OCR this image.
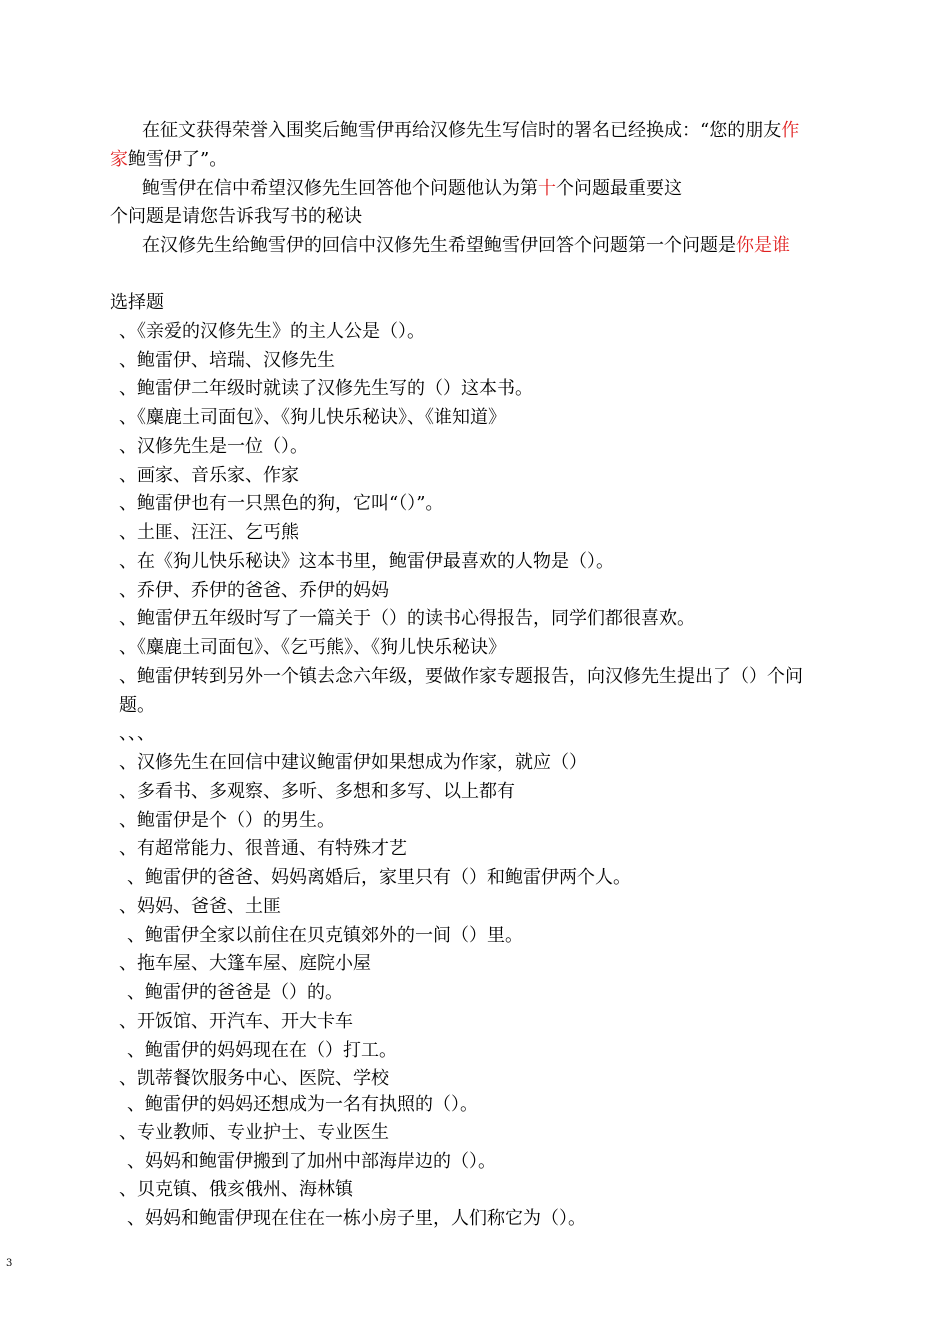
在征文获得荣誉入围奖后鲍雪伊再给汉修先生写信时的署名已经换成：“您的朋友作

家鲍雪伊了”。

鲍雪伊在信中希望汉修先生回答他个问题他认为第十个问题最重要这

个问题是请您告诉我写书的秘诀

在汉修先生给鲍雪伊的回信中汉修先生希望鲍雪伊回答个问题第一个问题是你是谁

选择题

、《亲爱的汉修先生》的主人公是（）。

、鲍雷伊、培瑞、汉修先生

、鲍雷伊二年级时就读了汉修先生写的（）这本书。

、《麋鹿土司面包》、《狗儿快乐秘诀》、《谁知道》

、汉修先生是一位（）。

、画家、音乐家、作家

、鲍雷伊也有一只黑色的狗，它叫“（）”。

、土匪、汪汪、乞丐熊

、在《狗儿快乐秘诀》这本书里，鲍雷伊最喜欢的人物是（）。

、乔伊、乔伊的爸爸、乔伊的妈妈

、鲍雷伊五年级时写了一篇关于（）的读书心得报告，同学们都很喜欢。

、《麋鹿土司面包》、《乞丐熊》、《狗儿快乐秘诀》

、鲍雷伊转到另外一个镇去念六年级，要做作家专题报告，向汉修先生提出了（）个问

题。

、、、

、汉修先生在回信中建议鲍雷伊如果想成为作家，就应（）

、多看书、多观察、多听、多想和多写、以上都有

、鲍雷伊是个（）的男生。

、有超常能力、很普通、有特殊才艺

、鲍雷伊的爸爸、妈妈离婚后，家里只有（）和鲍雷伊两个人。

、妈妈、爸爸、土匪

、鲍雷伊全家以前住在贝克镇郊外的一间（）里。

、拖车屋、大篷车屋、庭院小屋

、鲍雷伊的爸爸是（）的。

、开饭馆、开汽车、开大卡车

、鲍雷伊的妈妈现在在（）打工。

、凯蒂餐饮服务中心、医院、学校

、鲍雷伊的妈妈还想成为一名有执照的（）。

、专业教师、专业护士、专业医生

、妈妈和鲍雷伊搬到了加州中部海岸边的（）。

、贝克镇、俄亥俄州、海林镇

、妈妈和鲍雷伊现在住在一栋小房子里，人们称它为（）。

3
